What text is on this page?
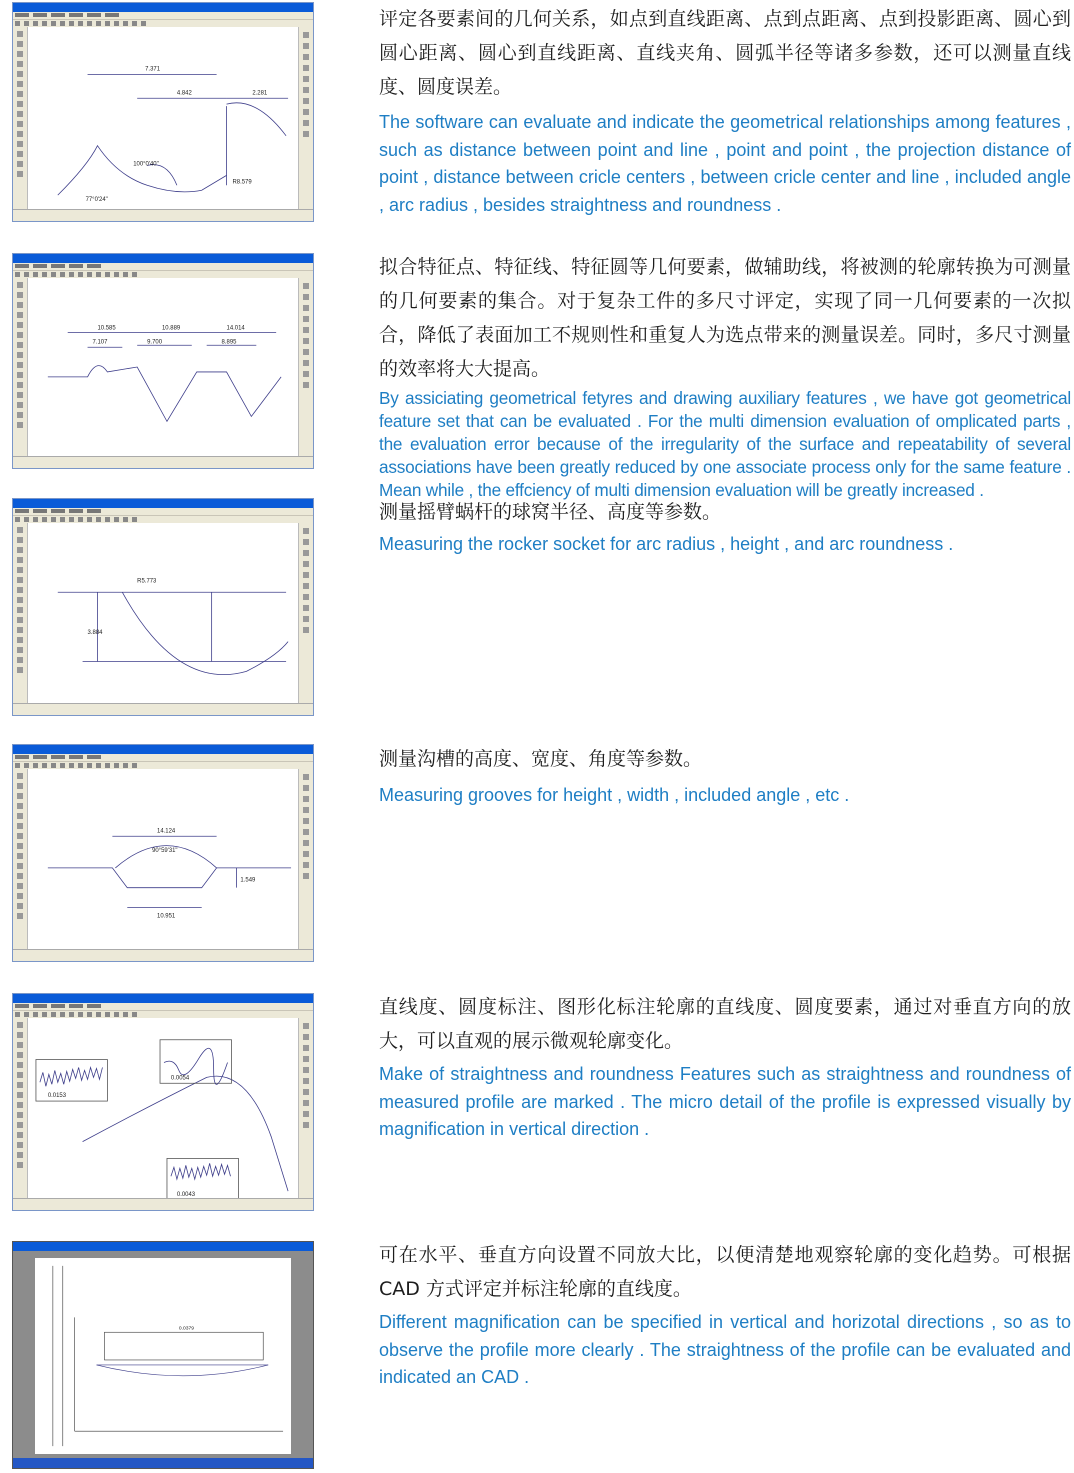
7.371
4.842	2.281
100°0'40"
77°0'24"
R8.579

评定各要素间的几何关系，如点到直线距离、点到点距离、点到投影距离、圆心到圆心距离、圆心到直线距离、直线夹角、圆弧半径等诸多参数，还可以测量直线度、圆度误差。

The software can evaluate and indicate the geometrical relationships among features , such as distance between point and line , point and point , the projection distance of point , distance between cricle centers , between cricle center and line , included angle , arc radius , besides straightness and roundness .

10.585	10.889	14.014
7.107	9.700	8.895

拟合特征点、特征线、特征圆等几何要素，做辅助线，将被测的轮廓转换为可测量的几何要素的集合。对于复杂工件的多尺寸评定，实现了同一几何要素的一次拟合，降低了表面加工不规则性和重复人为选点带来的测量误差。同时，多尺寸测量的效率将大大提高。

By assiciating geometrical fetyres and drawing auxiliary features , we have got geometrical feature set that can be evaluated . For the multi dimension evaluation of omplicated parts , the evaluation error because of the irregularity of the surface and repeatability of several associations have been greatly reduced by one associate process only for the same feature . Mean while , the effciency of multi dimension evaluation will be greatly increased .

R5.773
3.884

测量摇臂蜗杆的球窝半径、高度等参数。

Measuring the rocker socket for arc radius , height , and arc roundness .

14.124
90°59'31"
10.951
1.549

测量沟槽的高度、宽度、角度等参数。

Measuring grooves for height , width , included angle , etc .

0.0153
0.0054
0.0043

直线度、圆度标注、图形化标注轮廓的直线度、圆度要素，通过对垂直方向的放大，可以直观的展示微观轮廓变化。

Make of straightness and roundness Features such as straightness and roundness of measured profile are marked . The micro detail of the profile is expressed visually by magnification in vertical direction .

0.0379

可在水平、垂直方向设置不同放大比，以便清楚地观察轮廓的变化趋势。可根据 CAD 方式评定并标注轮廓的直线度。

Different magnification can be specified in vertical and horizotal directions , so as to observe the profile more clearly . The straightness of the profile can be evaluated and indicated an CAD .
